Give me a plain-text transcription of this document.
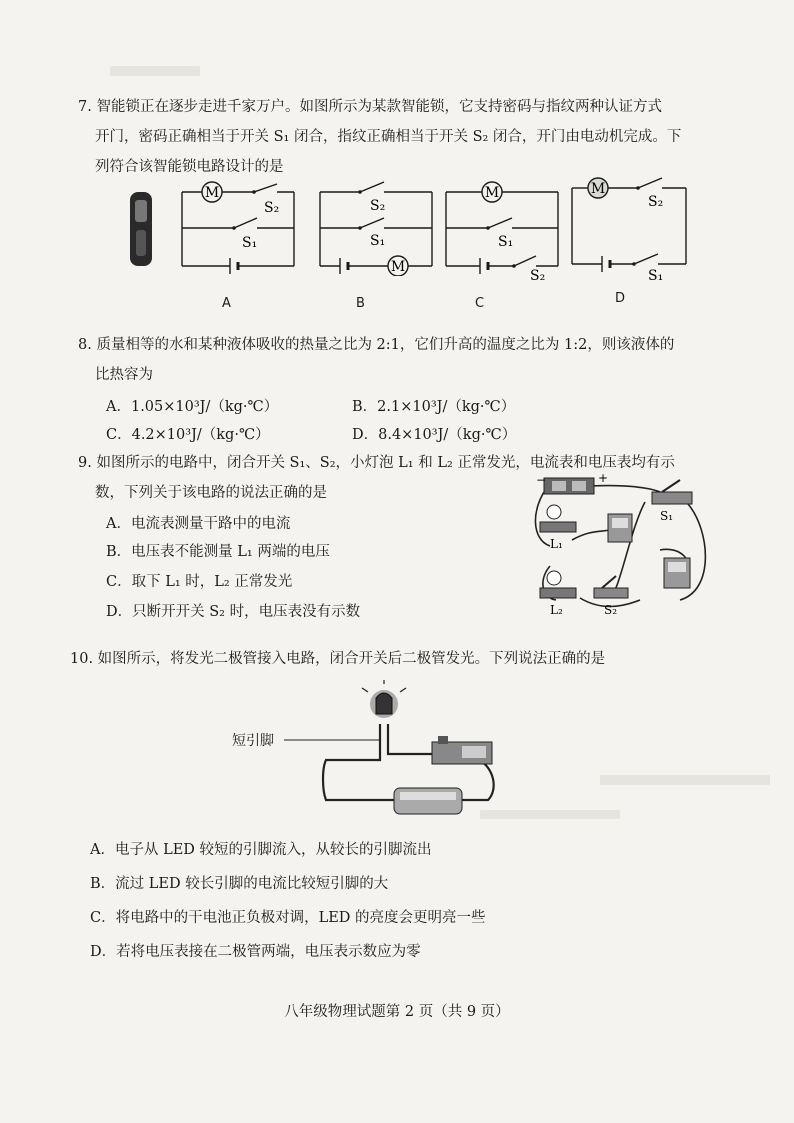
7. 智能锁正在逐步走进千家万户。如图所示为某款智能锁，它支持密码与指纹两种认证方式
开门，密码正确相当于开关 S₁ 闭合，指纹正确相当于开关 S₂ 闭合，开门由电动机完成。下
列符合该智能锁电路设计的是
M
S₂
S₁
M
S₂
S₁
M
S₁
S₂
M
S₂
S₁
A	B	C	D
8. 质量相等的水和某种液体吸收的热量之比为 2:1，它们升高的温度之比为 1:2，则该液体的
比热容为
A．1.05×10³J/（kg·℃）	B．2.1×10³J/（kg·℃）
C．4.2×10³J/（kg·℃）	D．8.4×10³J/（kg·℃）
9. 如图所示的电路中，闭合开关 S₁、S₂，小灯泡 L₁ 和 L₂ 正常发光，电流表和电压表均有示
数，下列关于该电路的说法正确的是
A．电流表测量干路中的电流
B．电压表不能测量 L₁ 两端的电压
C．取下 L₁ 时，L₂ 正常发光
D．只断开开关 S₂ 时，电压表没有示数
−	+
S₁
L₁
L₂	S₂
10. 如图所示，将发光二极管接入电路，闭合开关后二极管发光。下列说法正确的是
短引脚
A．电子从 LED 较短的引脚流入，从较长的引脚流出
B．流过 LED 较长引脚的电流比较短引脚的大
C．将电路中的干电池正负极对调，LED 的亮度会更明亮一些
D．若将电压表接在二极管两端，电压表示数应为零
八年级物理试题第 2 页（共 9 页）
